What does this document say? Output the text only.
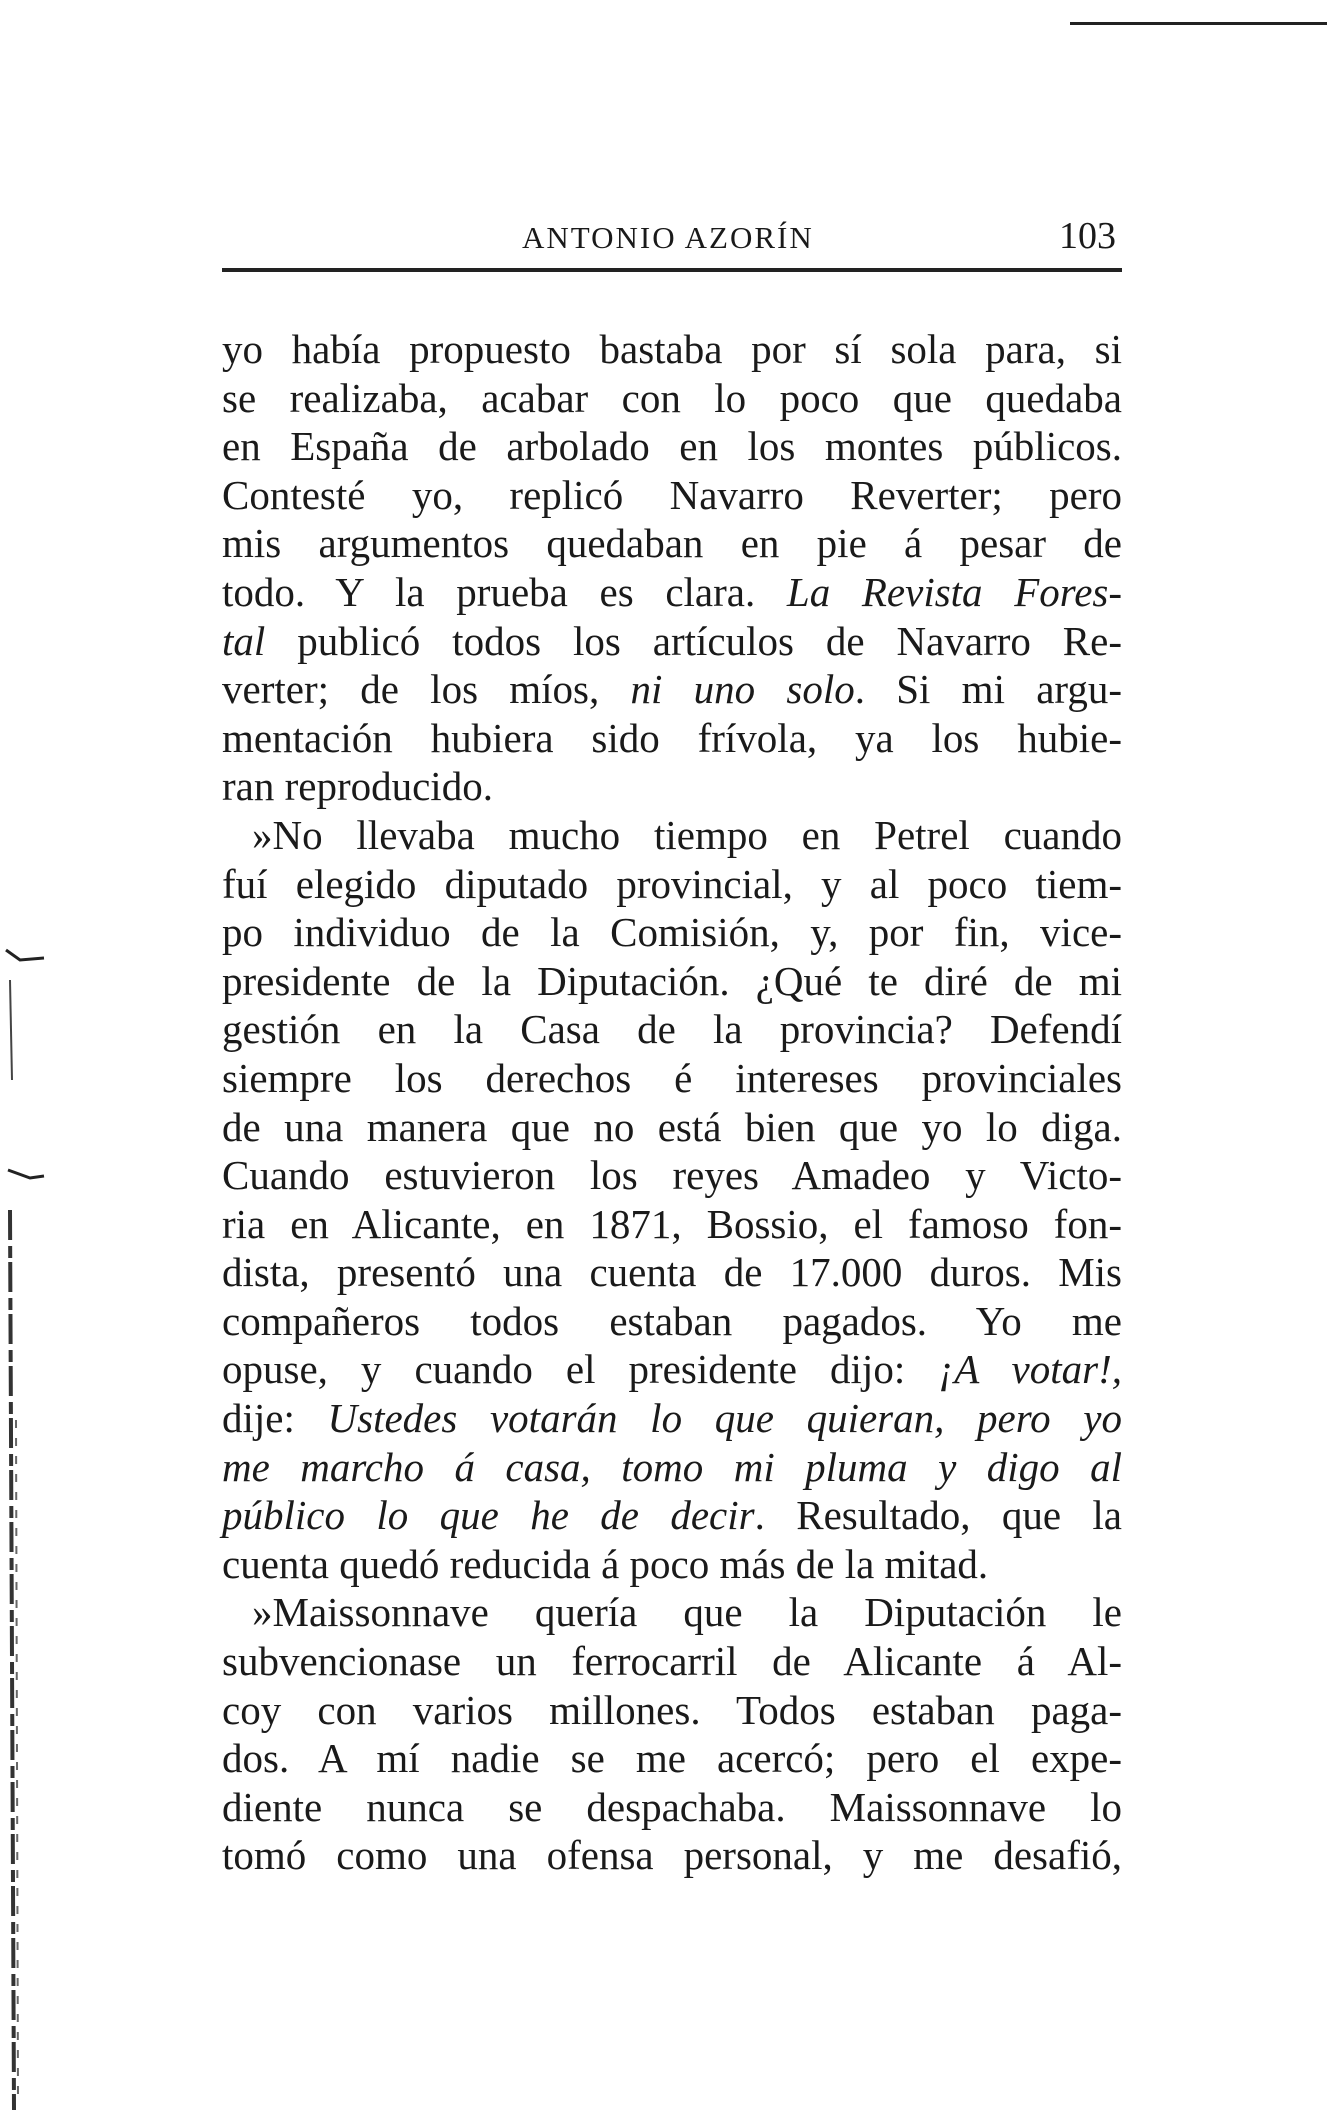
ANTONIO AZORÍN	103
yo había propuesto bastaba por sí sola para, si
se realizaba, acabar con lo poco que quedaba
en España de arbolado en los montes públicos.
Contesté yo, replicó Navarro Reverter; pero
mis argumentos quedaban en pie á pesar de
todo. Y la prueba es clara. La Revista Fores-
tal publicó todos los artículos de Navarro Re-
verter; de los míos, ni uno solo. Si mi argu-
mentación hubiera sido frívola, ya los hubie-
ran reproducido.
»No llevaba mucho tiempo en Petrel cuando
fuí elegido diputado provincial, y al poco tiem-
po individuo de la Comisión, y, por fin, vice-
presidente de la Diputación. ¿Qué te diré de mi
gestión en la Casa de la provincia? Defendí
siempre los derechos é intereses provinciales
de una manera que no está bien que yo lo diga.
Cuando estuvieron los reyes Amadeo y Victo-
ria en Alicante, en 1871, Bossio, el famoso fon-
dista, presentó una cuenta de 17.000 duros. Mis
compañeros todos estaban pagados. Yo me
opuse, y cuando el presidente dijo: ¡A votar!,
dije: Ustedes votarán lo que quieran, pero yo
me marcho á casa, tomo mi pluma y digo al
público lo que he de decir. Resultado, que la
cuenta quedó reducida á poco más de la mitad.
»Maissonnave quería que la Diputación le
subvencionase un ferrocarril de Alicante á Al-
coy con varios millones. Todos estaban paga-
dos. A mí nadie se me acercó; pero el expe-
diente nunca se despachaba. Maissonnave lo
tomó como una ofensa personal, y me desafió,
